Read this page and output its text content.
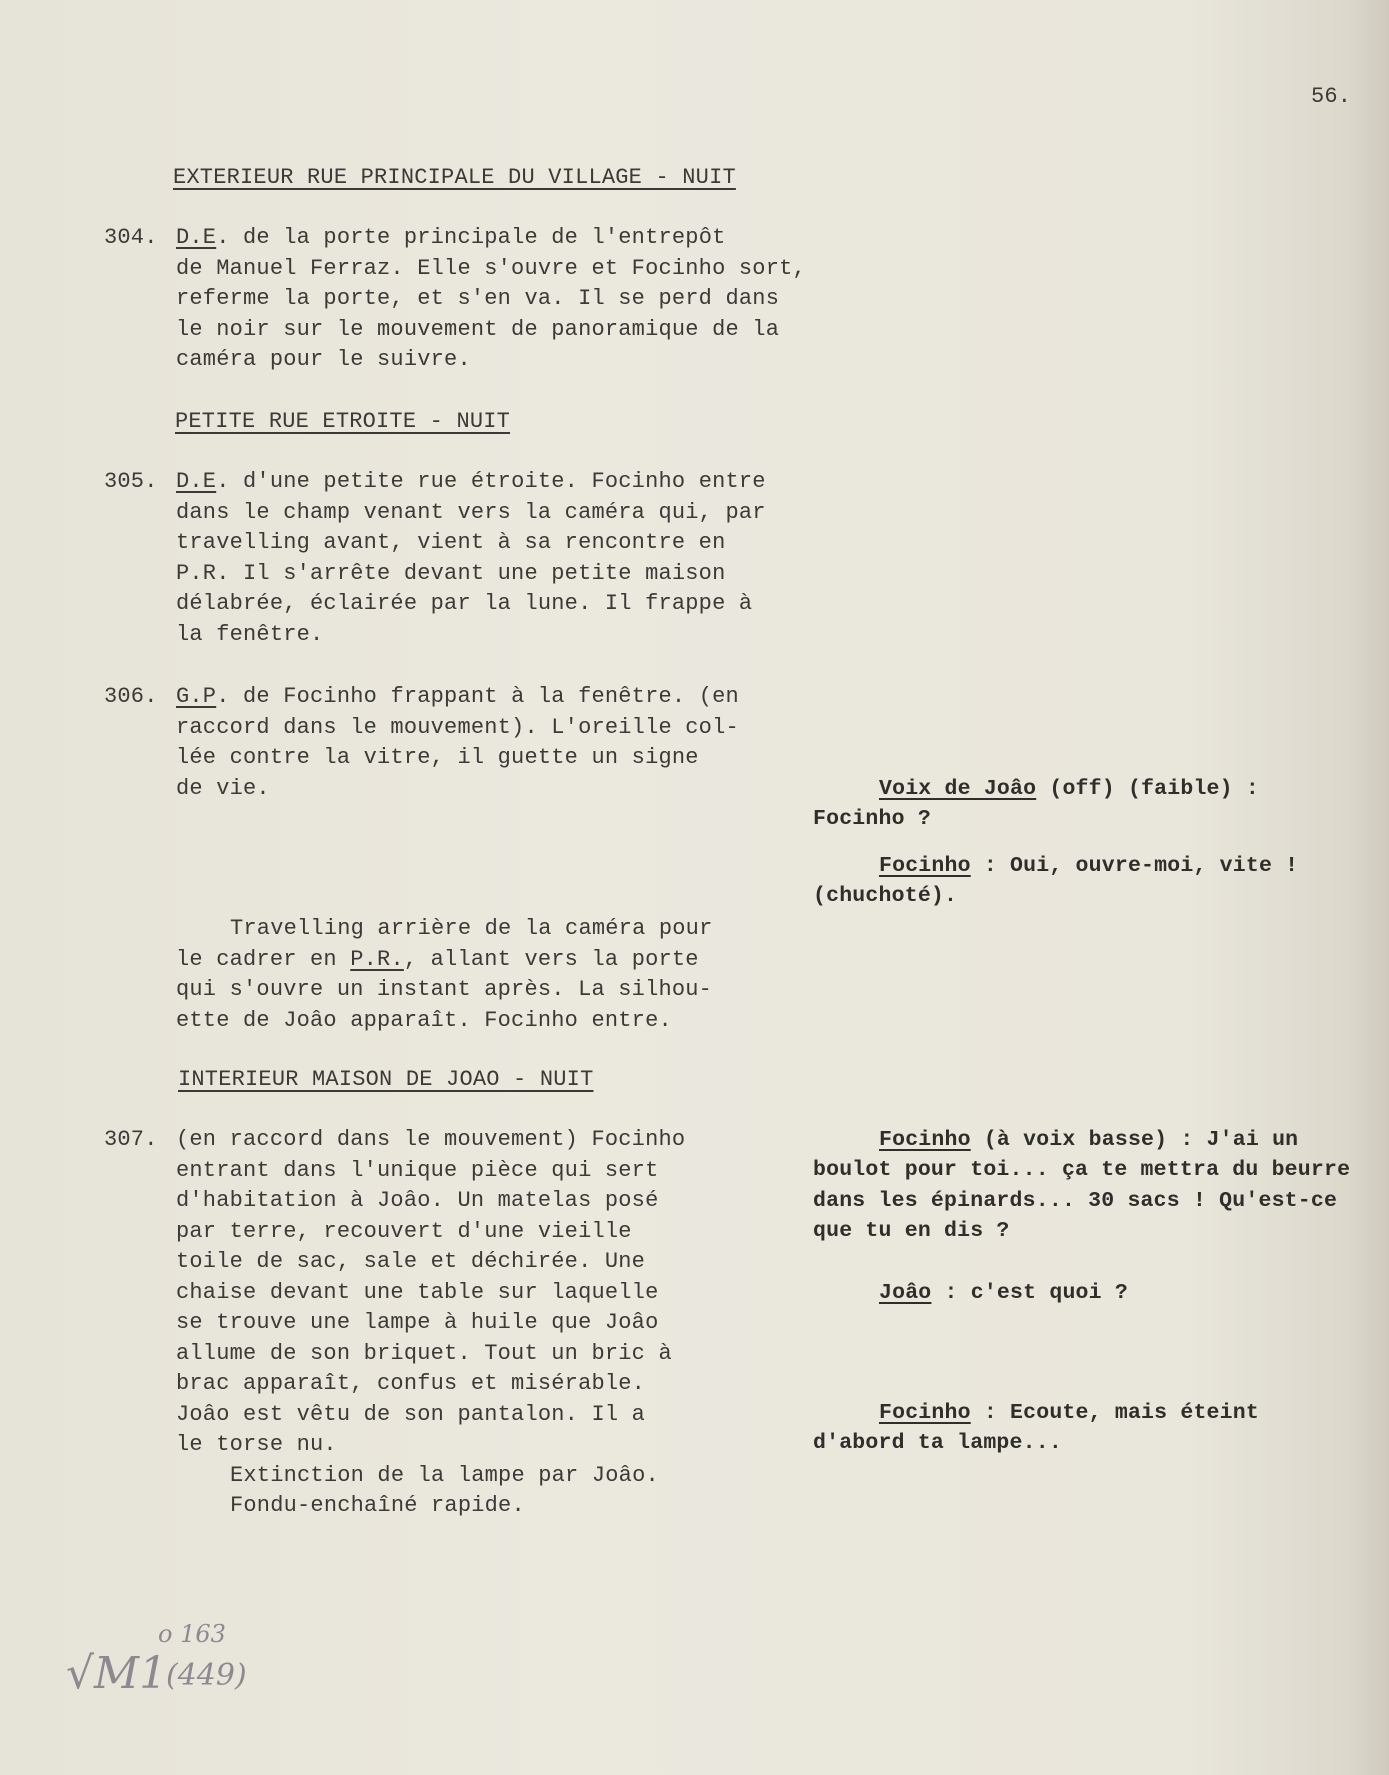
56.

√M1

o 163

(449)

EXTERIEUR RUE PRINCIPALE DU VILLAGE - NUIT
PETITE RUE ETROITE - NUIT
INTERIEUR MAISON DE JOAO - NUIT
304. D.E. de la porte principale de l'entrepôt
de Manuel Ferraz. Elle s'ouvre et Focinho sort,
referme la porte, et s'en va. Il se perd dans
le noir sur le mouvement de panoramique de la
caméra pour le suivre.
305. D.E. d'une petite rue étroite. Focinho entre
dans le champ venant vers la caméra qui, par
travelling avant, vient à sa rencontre en
P.R. Il s'arrête devant une petite maison
délabrée, éclairée par la lune. Il frappe à
la fenêtre.
306. G.P. de Focinho frappant à la fenêtre. (en
raccord dans le mouvement). L'oreille col-
lée contre la vitre, il guette un signe
de vie.
Travelling arrière de la caméra pour
le cadrer en P.R., allant vers la porte
qui s'ouvre un instant après. La silhou-
ette de Joâo apparaît. Focinho entre.
307. (en raccord dans le mouvement) Focinho
entrant dans l'unique pièce qui sert
d'habitation à Joâo. Un matelas posé
par terre, recouvert d'une vieille
toile de sac, sale et déchirée. Une
chaise devant une table sur laquelle
se trouve une lampe à huile que Joâo
allume de son briquet. Tout un bric à
brac apparaît, confus et misérable.
Joâo est vêtu de son pantalon. Il a
le torse nu.
Extinction de la lampe par Joâo.
Fondu-enchaîné rapide.
Voix de Joâo (off) (faible) :
Focinho ?
Focinho : Oui, ouvre-moi, vite !
(chuchoté).
Focinho (à voix basse) : J'ai un
boulot pour toi... ça te mettra du beurre
dans les épinards... 30 sacs ! Qu'est-ce
que tu en dis ?
Joâo : c'est quoi ?
Focinho : Ecoute, mais éteint
d'abord ta lampe...
